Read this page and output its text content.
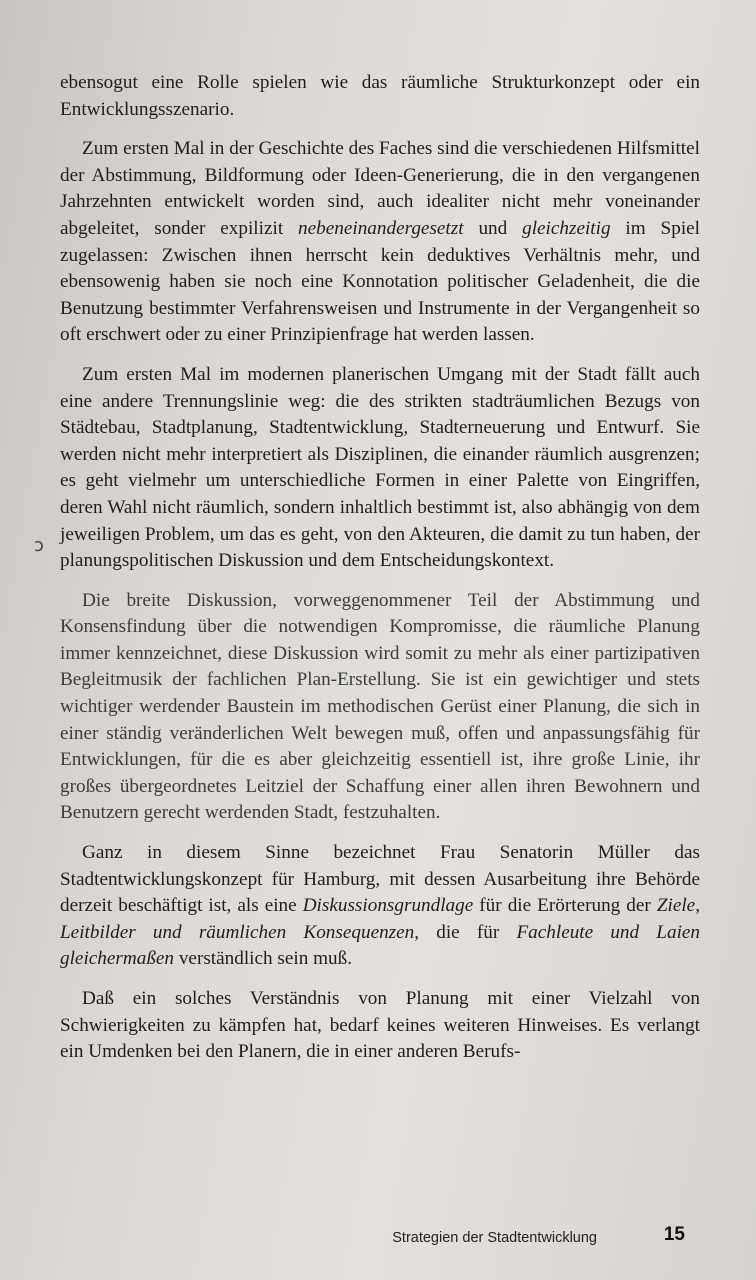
ebensogut eine Rolle spielen wie das räumliche Strukturkonzept oder ein Entwicklungsszenario.

Zum ersten Mal in der Geschichte des Faches sind die verschiedenen Hilfsmittel der Abstimmung, Bildformung oder Ideen-Generierung, die in den vergangenen Jahrzehnten entwickelt worden sind, auch idealiter nicht mehr voneinander abgeleitet, sonder expilizit nebeneinandergesetzt und gleichzeitig im Spiel zugelassen: Zwischen ihnen herrscht kein deduktives Verhältnis mehr, und ebensowenig haben sie noch eine Konnotation politischer Geladenheit, die die Benutzung bestimmter Verfahrensweisen und Instrumente in der Vergangenheit so oft erschwert oder zu einer Prinzipienfrage hat werden lassen.

Zum ersten Mal im modernen planerischen Umgang mit der Stadt fällt auch eine andere Trennungslinie weg: die des strikten stadträumlichen Bezugs von Städtebau, Stadtplanung, Stadtentwicklung, Stadterneuerung und Entwurf. Sie werden nicht mehr interpretiert als Disziplinen, die einander räumlich ausgrenzen; es geht vielmehr um unterschiedliche Formen in einer Palette von Eingriffen, deren Wahl nicht räumlich, sondern inhaltlich bestimmt ist, also abhängig von dem jeweiligen Problem, um das es geht, von den Akteuren, die damit zu tun haben, der planungspolitischen Diskussion und dem Entscheidungskontext.

Die breite Diskussion, vorweggenommener Teil der Abstimmung und Konsensfindung über die notwendigen Kompromisse, die räumliche Planung immer kennzeichnet, diese Diskussion wird somit zu mehr als einer partizipativen Begleitmusik der fachlichen Plan-Erstellung. Sie ist ein gewichtiger und stets wichtiger werdender Baustein im methodischen Gerüst einer Planung, die sich in einer ständig veränderlichen Welt bewegen muß, offen und anpassungsfähig für Entwicklungen, für die es aber gleichzeitig essentiell ist, ihre große Linie, ihr großes übergeordnetes Leitziel der Schaffung einer allen ihren Bewohnern und Benutzern gerecht werdenden Stadt, festzuhalten.

Ganz in diesem Sinne bezeichnet Frau Senatorin Müller das Stadtentwicklungskonzept für Hamburg, mit dessen Ausarbeitung ihre Behörde derzeit beschäftigt ist, als eine Diskussionsgrundlage für die Erörterung der Ziele, Leitbilder und räumlichen Konsequenzen, die für Fachleute und Laien gleichermaßen verständlich sein muß.

Daß ein solches Verständnis von Planung mit einer Vielzahl von Schwierigkeiten zu kämpfen hat, bedarf keines weiteren Hinweises. Es verlangt ein Umdenken bei den Planern, die in einer anderen Berufs-

ↄ
Strategien der Stadtentwicklung	15
